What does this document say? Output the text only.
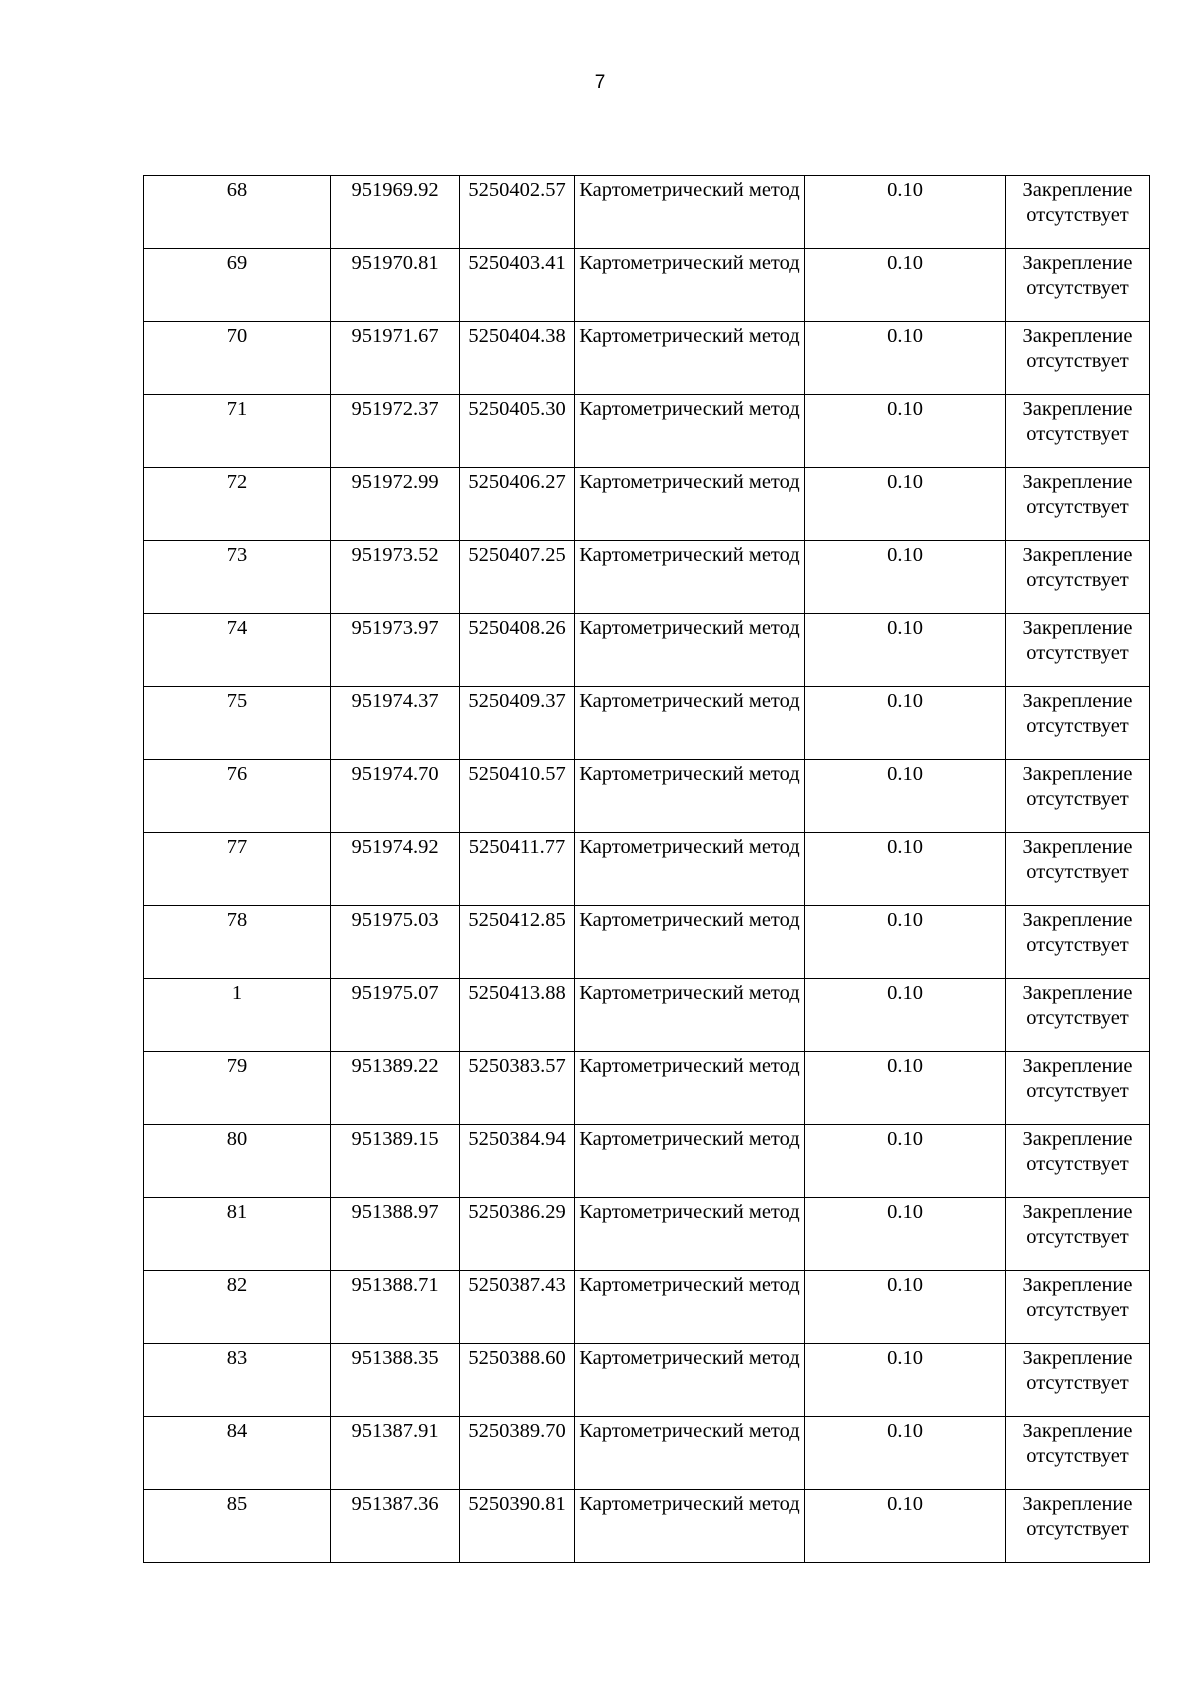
7
68	951969.92	5250402.57	Картометрический метод	0.10	Закрепление отсутствует
69	951970.81	5250403.41	Картометрический метод	0.10	Закрепление отсутствует
70	951971.67	5250404.38	Картометрический метод	0.10	Закрепление отсутствует
71	951972.37	5250405.30	Картометрический метод	0.10	Закрепление отсутствует
72	951972.99	5250406.27	Картометрический метод	0.10	Закрепление отсутствует
73	951973.52	5250407.25	Картометрический метод	0.10	Закрепление отсутствует
74	951973.97	5250408.26	Картометрический метод	0.10	Закрепление отсутствует
75	951974.37	5250409.37	Картометрический метод	0.10	Закрепление отсутствует
76	951974.70	5250410.57	Картометрический метод	0.10	Закрепление отсутствует
77	951974.92	5250411.77	Картометрический метод	0.10	Закрепление отсутствует
78	951975.03	5250412.85	Картометрический метод	0.10	Закрепление отсутствует
1	951975.07	5250413.88	Картометрический метод	0.10	Закрепление отсутствует
79	951389.22	5250383.57	Картометрический метод	0.10	Закрепление отсутствует
80	951389.15	5250384.94	Картометрический метод	0.10	Закрепление отсутствует
81	951388.97	5250386.29	Картометрический метод	0.10	Закрепление отсутствует
82	951388.71	5250387.43	Картометрический метод	0.10	Закрепление отсутствует
83	951388.35	5250388.60	Картометрический метод	0.10	Закрепление отсутствует
84	951387.91	5250389.70	Картометрический метод	0.10	Закрепление отсутствует
85	951387.36	5250390.81	Картометрический метод	0.10	Закрепление отсутствует
